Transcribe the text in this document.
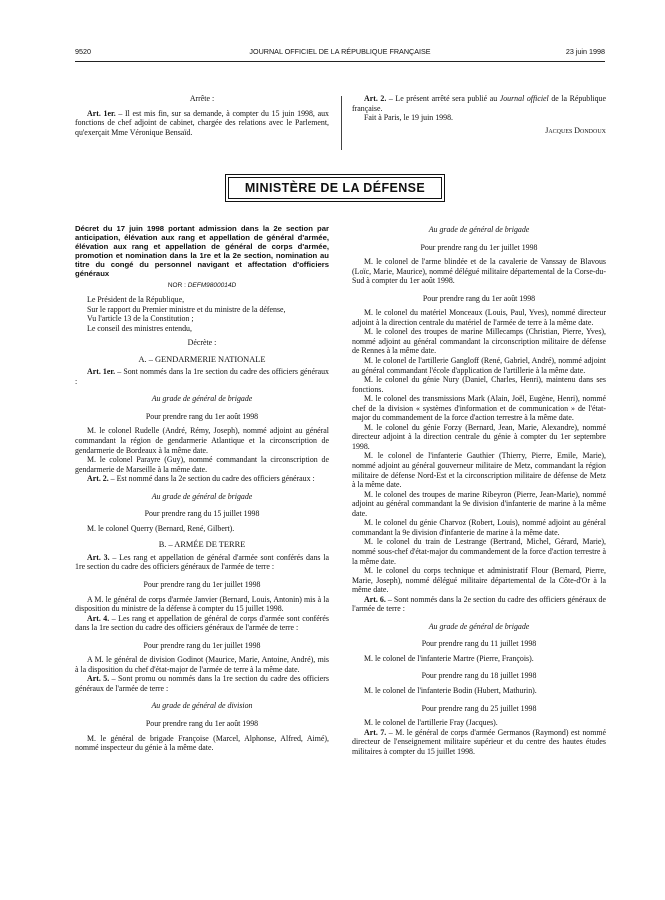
9520	JOURNAL OFFICIEL DE LA RÉPUBLIQUE FRANÇAISE	23 juin 1998

Arrête :

Art. 1er. – Il est mis fin, sur sa demande, à compter du 15 juin 1998, aux fonctions de chef adjoint de cabinet, chargée des relations avec le Parlement, qu'exerçait Mme Véronique Bensaïd.

Art. 2. – Le présent arrêté sera publié au Journal officiel de la République française.

Fait à Paris, le 19 juin 1998.

Jacques Dondoux

MINISTÈRE DE LA DÉFENSE

Décret du 17 juin 1998 portant admission dans la 2e section par anticipation, élévation aux rang et appellation de général d'armée, élévation aux rang et appellation de général de corps d'armée, promotion et nomination dans la 1re et la 2e section, nomination au titre du congé du personnel navigant et affectation d'officiers généraux

NOR : DEFM9800014D

Le Président de la République,

Sur le rapport du Premier ministre et du ministre de la défense,

Vu l'article 13 de la Constitution ;

Le conseil des ministres entendu,

Décrète :

A. – GENDARMERIE NATIONALE

Art. 1er. – Sont nommés dans la 1re section du cadre des officiers généraux :

Au grade de général de brigade

Pour prendre rang du 1er août 1998

M. le colonel Rudelle (André, Rémy, Joseph), nommé adjoint au général commandant la région de gendarmerie Atlantique et la circonscription de gendarmerie de Bordeaux à la même date.

M. le colonel Parayre (Guy), nommé commandant la circonscription de gendarmerie de Marseille à la même date.

Art. 2. – Est nommé dans la 2e section du cadre des officiers généraux :

Au grade de général de brigade

Pour prendre rang du 15 juillet 1998

M. le colonel Querry (Bernard, René, Gilbert).

B. – ARMÉE DE TERRE

Art. 3. – Les rang et appellation de général d'armée sont conférés dans la 1re section du cadre des officiers généraux de l'armée de terre :

Pour prendre rang du 1er juillet 1998

A M. le général de corps d'armée Janvier (Bernard, Louis, Antonin) mis à la disposition du ministre de la défense à compter du 15 juillet 1998.

Art. 4. – Les rang et appellation de général de corps d'armée sont conférés dans la 1re section du cadre des officiers généraux de l'armée de terre :

Pour prendre rang du 1er juillet 1998

A M. le général de division Godinot (Maurice, Marie, Antoine, André), mis à la disposition du chef d'état-major de l'armée de terre à la même date.

Art. 5. – Sont promu ou nommés dans la 1re section du cadre des officiers généraux de l'armée de terre :

Au grade de général de division

Pour prendre rang du 1er août 1998

M. le général de brigade Françoise (Marcel, Alphonse, Alfred, Aimé), nommé inspecteur du génie à la même date.

Au grade de général de brigade

Pour prendre rang du 1er juillet 1998

M. le colonel de l'arme blindée et de la cavalerie de Vanssay de Blavous (Loïc, Marie, Maurice), nommé délégué militaire départemental de la Corse-du-Sud à compter du 1er août 1998.

Pour prendre rang du 1er août 1998

M. le colonel du matériel Monceaux (Louis, Paul, Yves), nommé directeur adjoint à la direction centrale du matériel de l'armée de terre à la même date.

M. le colonel des troupes de marine Millecamps (Christian, Pierre, Yves), nommé adjoint au général commandant la circonscription militaire de défense de Rennes à la même date.

M. le colonel de l'artillerie Gangloff (René, Gabriel, André), nommé adjoint au général commandant l'école d'application de l'artillerie à la même date.

M. le colonel du génie Nury (Daniel, Charles, Henri), maintenu dans ses fonctions.

M. le colonel des transmissions Mark (Alain, Joël, Eugène, Henri), nommé chef de la division « systèmes d'information et de communication » de l'état-major du commandement de la force d'action terrestre à la même date.

M. le colonel du génie Forzy (Bernard, Jean, Marie, Alexandre), nommé directeur adjoint à la direction centrale du génie à compter du 1er septembre 1998.

M. le colonel de l'infanterie Gauthier (Thierry, Pierre, Emile, Marie), nommé adjoint au général gouverneur militaire de Metz, commandant la région militaire de défense Nord-Est et la circonscription militaire de défense de Metz à la même date.

M. le colonel des troupes de marine Ribeyron (Pierre, Jean-Marie), nommé adjoint au général commandant la 9e division d'infanterie de marine à la même date.

M. le colonel du génie Charvoz (Robert, Louis), nommé adjoint au général commandant la 9e division d'infanterie de marine à la même date.

M. le colonel du train de Lestrange (Bertrand, Michel, Gérard, Marie), nommé sous-chef d'état-major du commandement de la force d'action terrestre à la même date.

M. le colonel du corps technique et administratif Flour (Bernard, Pierre, Marie, Joseph), nommé délégué militaire départemental de la Côte-d'Or à la même date.

Art. 6. – Sont nommés dans la 2e section du cadre des officiers généraux de l'armée de terre :

Au grade de général de brigade

Pour prendre rang du 11 juillet 1998

M. le colonel de l'infanterie Martre (Pierre, François).

Pour prendre rang du 18 juillet 1998

M. le colonel de l'infanterie Bodin (Hubert, Mathurin).

Pour prendre rang du 25 juillet 1998

M. le colonel de l'artillerie Fray (Jacques).

Art. 7. – M. le général de corps d'armée Germanos (Raymond) est nommé directeur de l'enseignement militaire supérieur et du centre des hautes études militaires à compter du 15 juillet 1998.
